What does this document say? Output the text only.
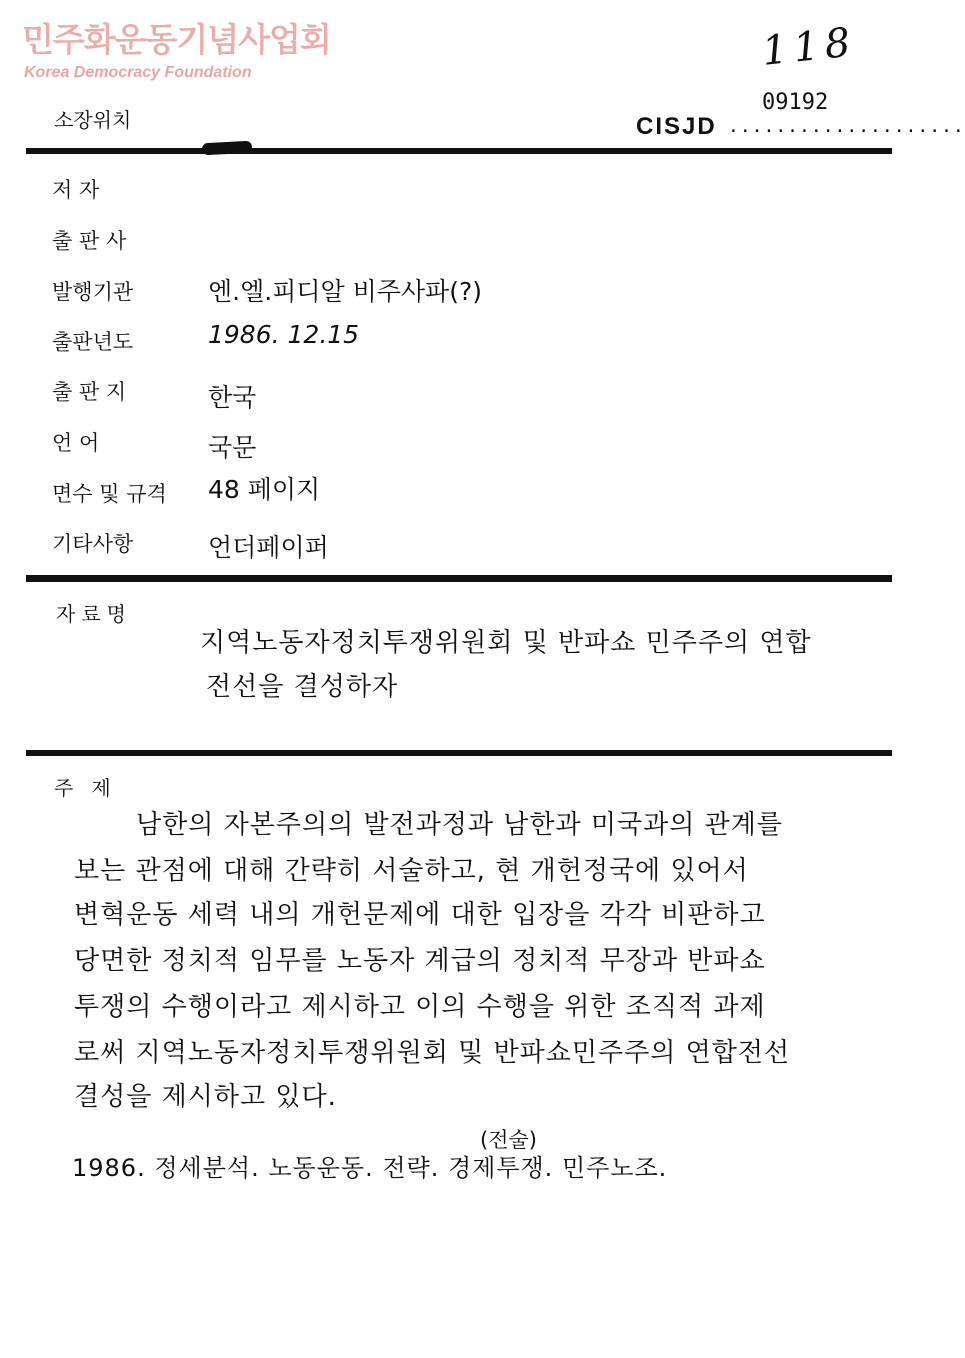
민주화운동기념사업회
Korea Democracy Foundation	118
09192
CISJD ....................
소장위치
저 자
출 판 사
발행기관	엔.엘.피디알 비주사파(?)
출판년도	1986. 12.15
출 판 지	한국
언 어	국문
면수 및 규격 48 페이지
기타사항	언더페이퍼
자료명
지역노동자정치투쟁위원회 및 반파쇼 민주주의 연합
전선을 결성하자
주제
남한의 자본주의의 발전과정과 남한과 미국과의 관계를
보는 관점에 대해 간략히 서술하고, 현 개헌정국에 있어서
변혁운동 세력 내의 개헌문제에 대한 입장을 각각 비판하고
당면한 정치적 임무를 노동자 계급의 정치적 무장과 반파쇼
투쟁의 수행이라고 제시하고 이의 수행을 위한 조직적 과제
로써 지역노동자정치투쟁위원회 및 반파쇼민주주의 연합전선
결성을 제시하고 있다.
(전술)
1986. 정세분석. 노동운동. 전략. 경제투쟁. 민주노조.
